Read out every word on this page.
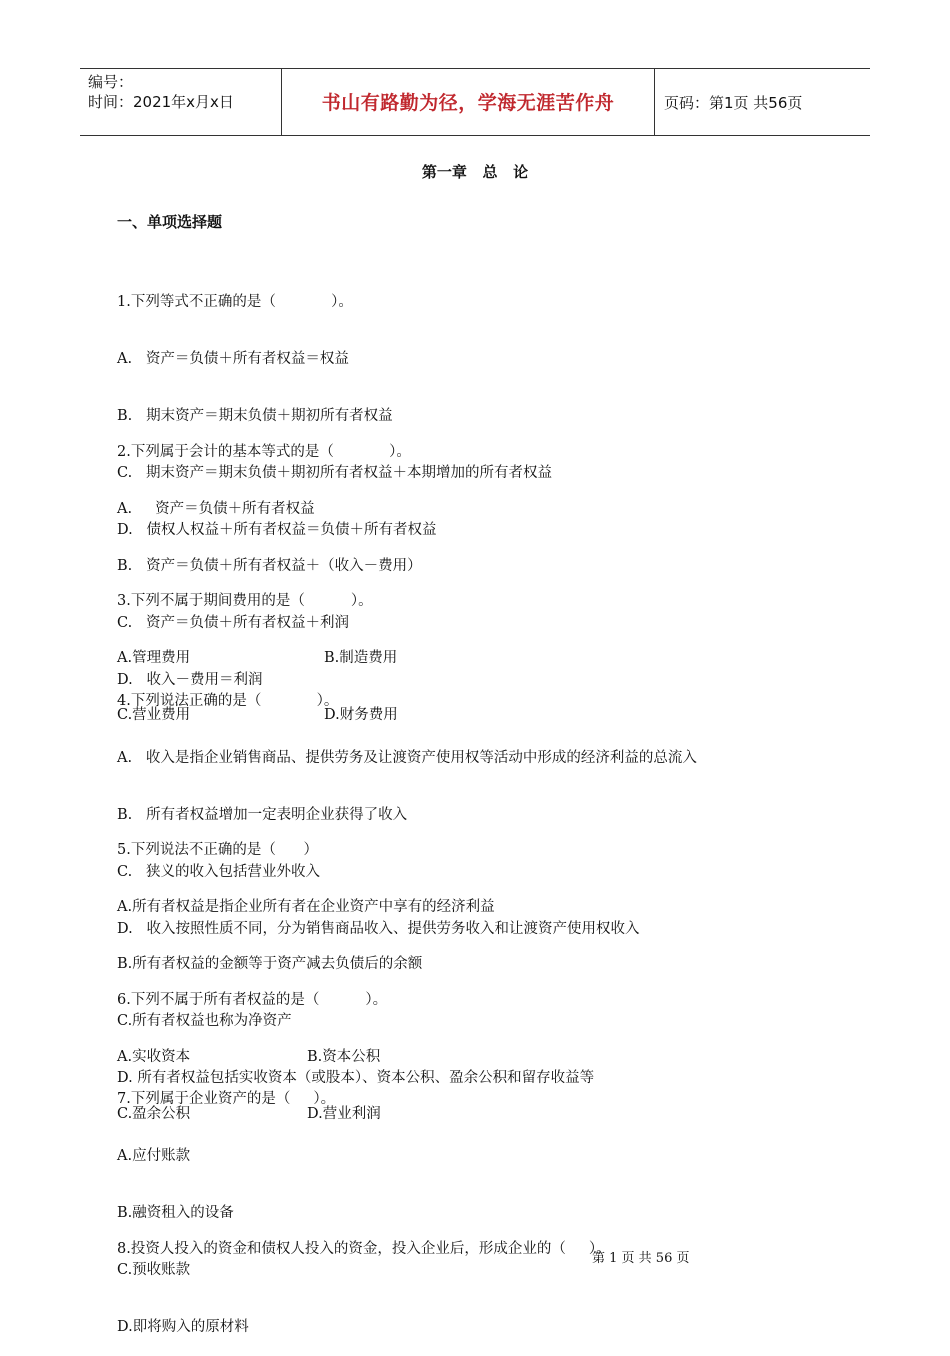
编号：
时间：2021年x月x日	书山有路勤为径，学海无涯苦作舟	页码：第1页 共56页
第一章   总   论
一、单项选择题

1.下列等式不正确的是（            ）。

A.   资产＝负债＋所有者权益＝权益

B.   期末资产＝期末负债＋期初所有者权益

C.   期末资产＝期末负债＋期初所有者权益＋本期增加的所有者权益

D.   债权人权益＋所有者权益＝负债＋所有者权益

2.下列属于会计的基本等式的是（            ）。

A.     资产＝负债＋所有者权益

B.   资产＝负债＋所有者权益＋（收入－费用）

C.   资产＝负债＋所有者权益＋利润

D.   收入－费用＝利润

3.下列不属于期间费用的是（          ）。

A.管理费用	B.制造费用

C.营业费用	D.财务费用

4.下列说法正确的是（            ）。

A.   收入是指企业销售商品、提供劳务及让渡资产使用权等活动中形成的经济利益的总流入

B.   所有者权益增加一定表明企业获得了收入

C.   狭义的收入包括营业外收入

D.   收入按照性质不同，分为销售商品收入、提供劳务收入和让渡资产使用权收入

5.下列说法不正确的是（      ）

A.所有者权益是指企业所有者在企业资产中享有的经济利益

B.所有者权益的金额等于资产减去负债后的余额

C.所有者权益也称为净资产

D. 所有者权益包括实收资本（或股本）、资本公积、盈余公积和留存收益等

6.下列不属于所有者权益的是（          ）。

A.实收资本	B.资本公积

C.盈余公积	D.营业利润

7.下列属于企业资产的是（     ）。

A.应付账款

B.融资租入的设备

C.预收账款

D.即将购入的原材料

8.投资人投入的资金和债权人投入的资金，投入企业后，形成企业的（     ）。

第 1 页 共 56 页
